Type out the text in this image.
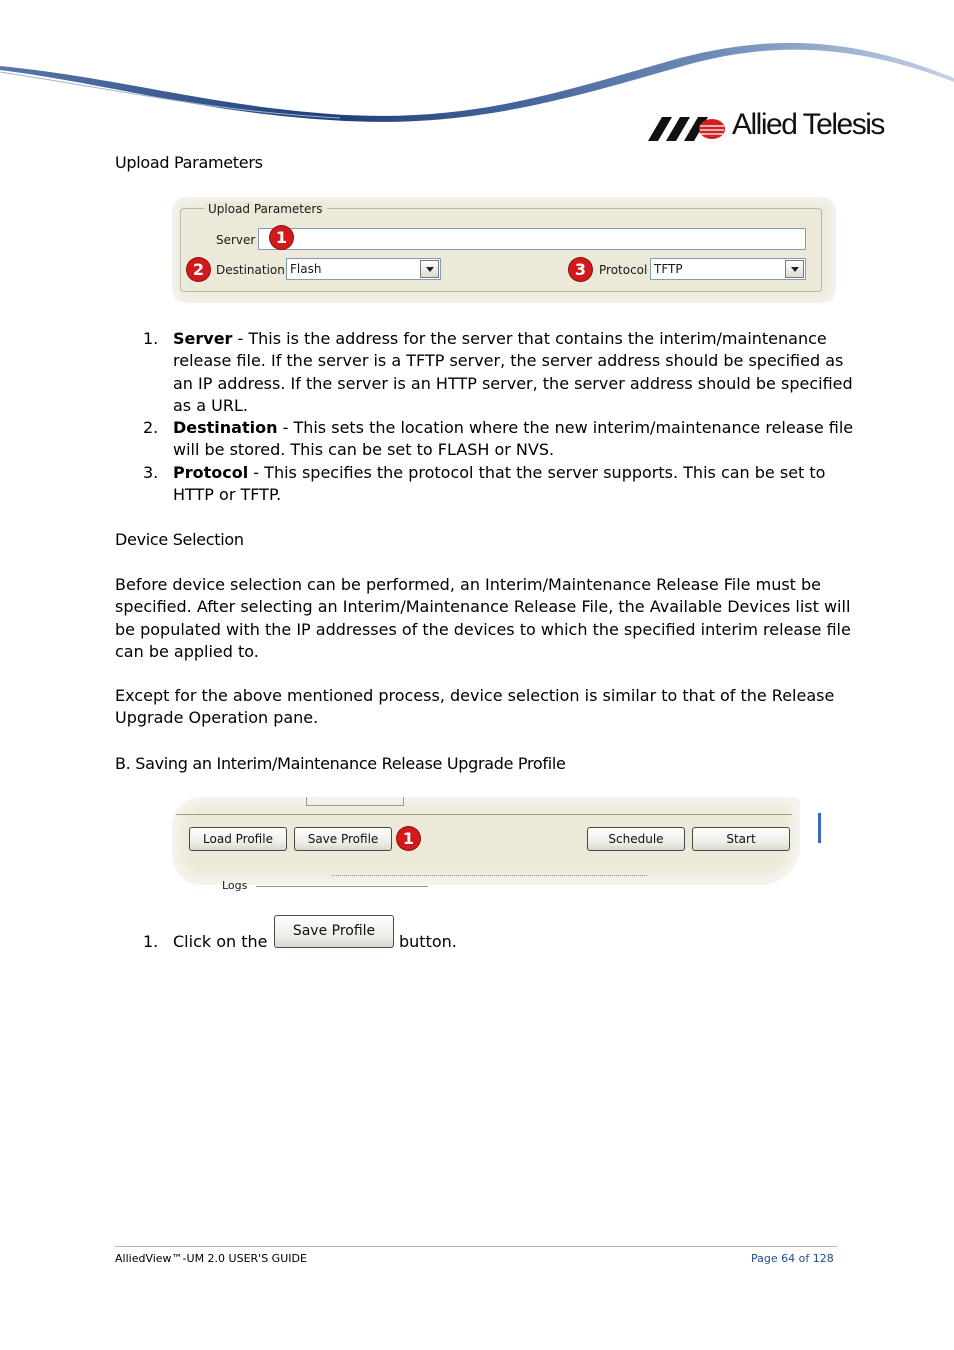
Allied Telesis
Upload Parameters
Upload Parameters
Server	1
2 Destination Flash	3	Protocol TFTP
1. Server - This is the address for the server that contains the interim/maintenance
release file. If the server is a TFTP server, the server address should be specified as
an IP address. If the server is an HTTP server, the server address should be specified
as a URL.
2. Destination - This sets the location where the new interim/maintenance release file
will be stored. This can be set to FLASH or NVS.
3. Protocol - This specifies the protocol that the server supports. This can be set to
HTTP or TFTP.
Device Selection
Before device selection can be performed, an Interim/Maintenance Release File must be
specified. After selecting an Interim/Maintenance Release File, the Available Devices list will
be populated with the IP addresses of the devices to which the specified interim release file
can be applied to.
Except for the above mentioned process, device selection is similar to that of the Release
Upgrade Operation pane.
B. Saving an Interim/Maintenance Release Upgrade Profile
Load Profile	Save Profile	1	Schedule	Start
Logs
1. Click on the
Save Profile
button.
AlliedView™-UM 2.0 USER'S GUIDE	Page 64 of 128
